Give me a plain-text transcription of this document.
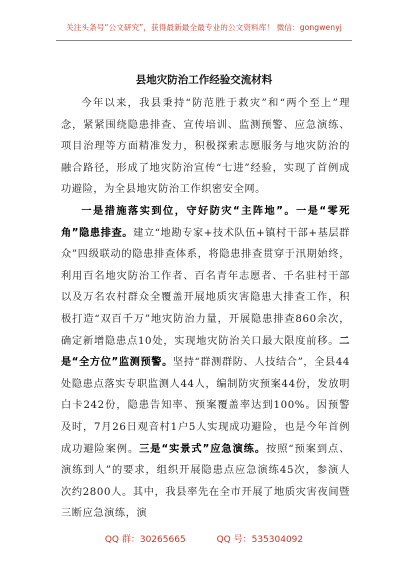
关注头条号“公文研究”，获得最新最全最专业的公文资料库！ 微信：gongwenyj
县地灾防治工作经验交流材料

今年以来，我县秉持“防范胜于救灾”和“两个至上”理念，紧紧围绕隐患排查、宣传培训、监测预警、应急演练、项目治理等方面精准发力，积极探索志愿服务与地灾防治的融合路径，形成了地灾防治宣传“七进”经验，实现了首例成功避险，为全县地灾防治工作织密安全网。

一是措施落实到位，守好防灾“主阵地”。一是“零死角”隐患排查。建立“地勘专家+技术队伍+镇村干部+基层群众”四级联动的隐患排查体系，将隐患排查贯穿于汛期始终，利用百名地灾防治工作者、百名青年志愿者、千名驻村干部以及万名农村群众全覆盖开展地质灾害隐患大排查工作，积极打造“双百千万”地灾防治力量，开展隐患排查860余次，确定新增隐患点10处，实现地灾防治关口最大限度前移。二是“全方位”监测预警。坚持“群测群防、人技结合”，全县44处隐患点落实专职监测人44人，编制防灾预案44份，发放明白卡242份，隐患告知率、预案覆盖率达到100%。因预警及时，7月26日观音村1户5人实现成功避险，也是今年首例成功避险案例。三是“实景式”应急演练。按照“预案到点、演练到人”的要求，组织开展隐患点应急演练45次，参演人次约2800人。其中，我县率先在全市开展了地质灾害夜间暨三断应急演练，演

QQ 群：30265665	QQ 号：535304092
